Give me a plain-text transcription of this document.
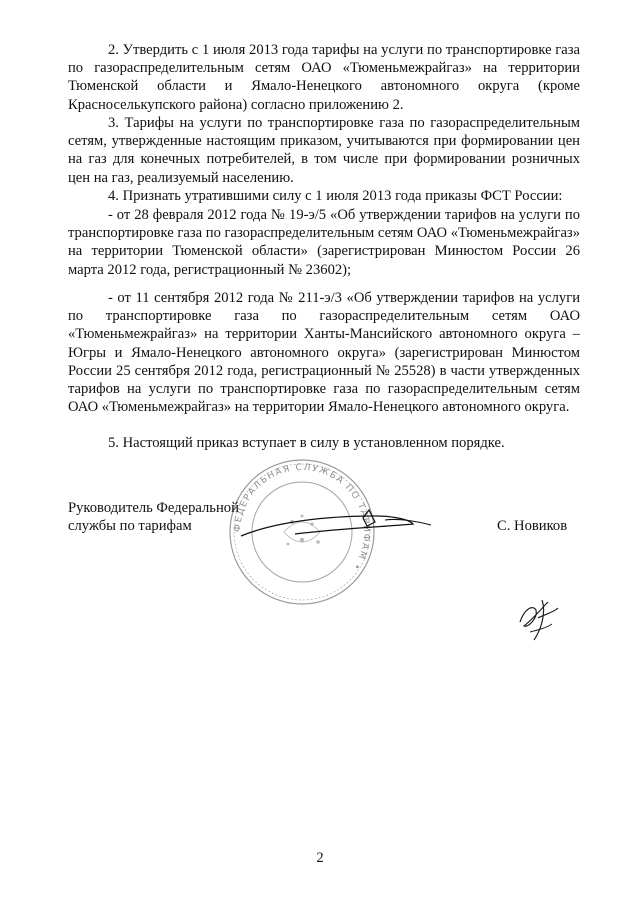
2. Утвердить с 1 июля 2013 года тарифы на услуги по транспортировке газа по газораспределительным сетям ОАО «Тюменьмежрайгаз» на территории Тюменской области и Ямало-Ненецкого автономного округа (кроме Красноселькупского района) согласно приложению 2.

3. Тарифы на услуги по транспортировке газа по газораспределительным сетям, утвержденные настоящим приказом, учитываются при формировании цен на газ для конечных потребителей, в том числе при формировании розничных цен на газ, реализуемый населению.

4. Признать утратившими силу с 1 июля 2013 года приказы ФСТ России:

- от 28 февраля 2012 года № 19-э/5 «Об утверждении тарифов на услуги по транспортировке газа по газораспределительным сетям ОАО «Тюменьмежрайгаз» на территории Тюменской области» (зарегистрирован Минюстом России 26 марта 2012 года, регистрационный № 23602);

- от 11 сентября 2012 года № 211-э/3 «Об утверждении тарифов на услуги по транспортировке газа по газораспределительным сетям ОАО «Тюменьмежрайгаз» на территории Ханты-Мансийского автономного округа – Югры и Ямало-Ненецкого автономного округа» (зарегистрирован Минюстом России 25 сентября 2012 года, регистрационный № 25528) в части утвержденных тарифов на услуги по транспортировке газа по газораспределительным сетям ОАО «Тюменьмежрайгаз» на территории Ямало-Ненецкого автономного округа.

5. Настоящий приказ вступает в силу в установленном порядке.

ФЕДЕРАЛЬНАЯ СЛУЖБА ПО ТАРИФАМ •
Руководитель Федеральной
службы по тарифам	С. Новиков
2
